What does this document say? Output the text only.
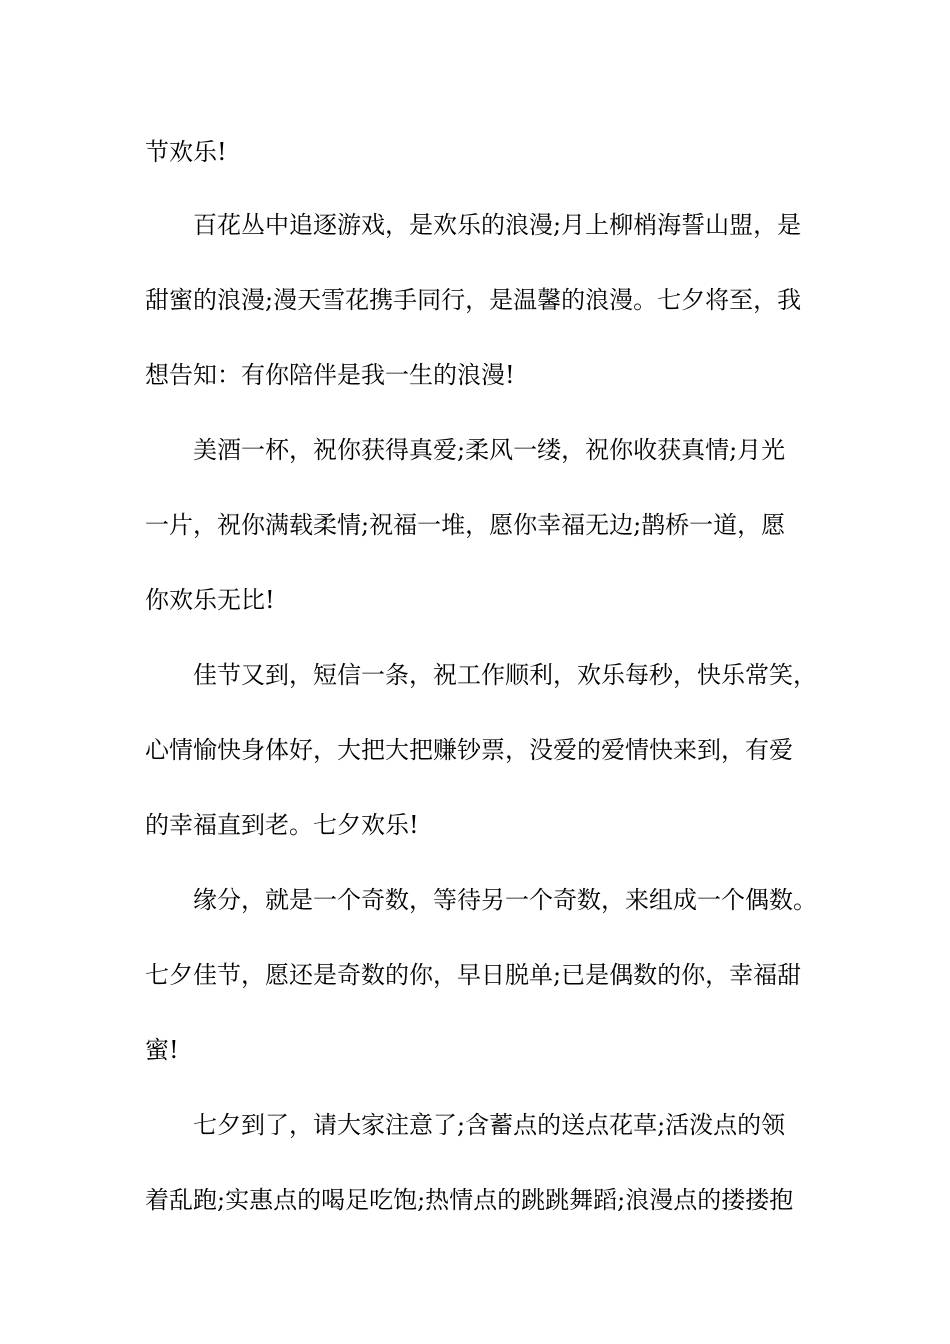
节欢乐!

百花丛中追逐游戏，是欢乐的浪漫;月上柳梢海誓山盟，是

甜蜜的浪漫;漫天雪花携手同行，是温馨的浪漫。七夕将至，我

想告知：有你陪伴是我一生的浪漫!

美酒一杯，祝你获得真爱;柔风一缕，祝你收获真情;月光

一片，祝你满载柔情;祝福一堆，愿你幸福无边;鹊桥一道，愿

你欢乐无比!

佳节又到，短信一条，祝工作顺利，欢乐每秒，快乐常笑，

心情愉快身体好，大把大把赚钞票，没爱的爱情快来到，有爱

的幸福直到老。七夕欢乐!

缘分，就是一个奇数，等待另一个奇数，来组成一个偶数。

七夕佳节，愿还是奇数的你，早日脱单;已是偶数的你，幸福甜

蜜!

七夕到了，请大家注意了;含蓄点的送点花草;活泼点的领

着乱跑;实惠点的喝足吃饱;热情点的跳跳舞蹈;浪漫点的搂搂抱
